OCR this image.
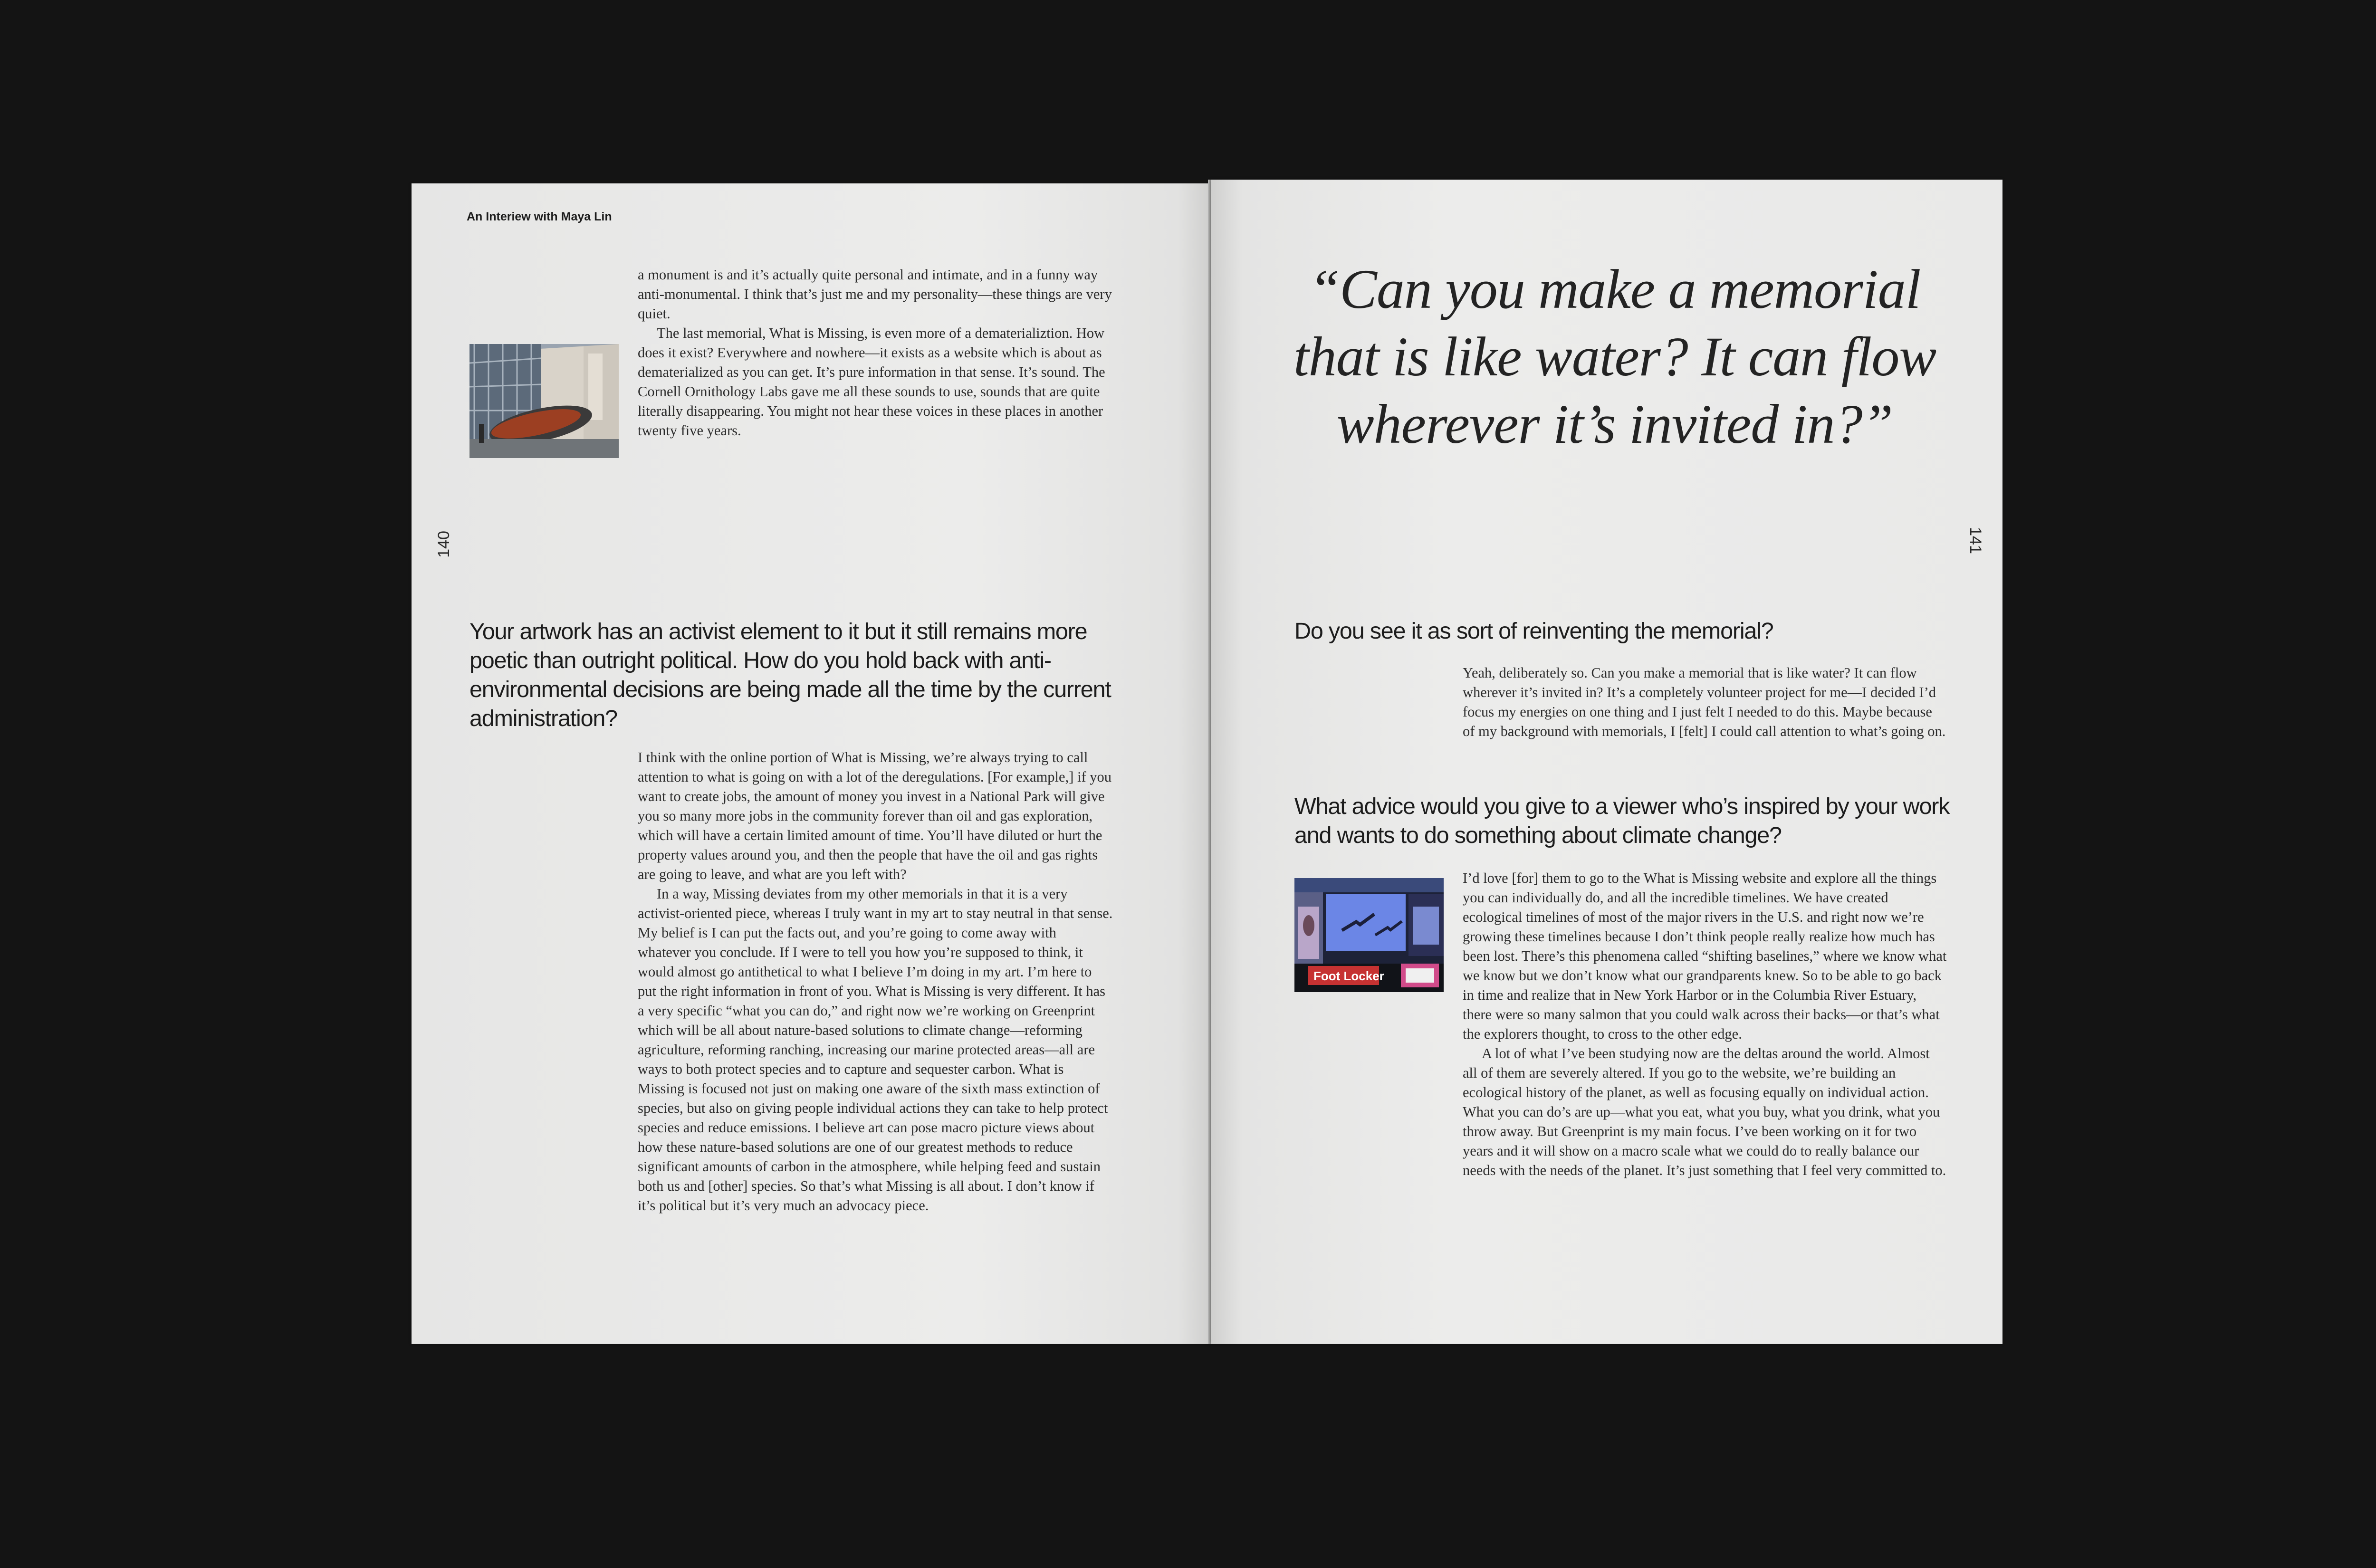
An Interiew with Maya Lin

a monument is and it’s actually quite personal and intimate, and in a funny way anti-monumental. I think that’s just me and my personality—these things are very quiet.

The last memorial, What is Missing, is even more of a dematerializtion. How does it exist? Everywhere and nowhere—it exists as a website which is about as dematerialized as you can get. It’s pure information in that sense. It’s sound. The Cornell Ornithology Labs gave me all these sounds to use, sounds that are quite literally disappearing. You might not hear these voices in these places in another twenty five years.

140
Your artwork has an activist element to it but it still remains more poetic than outright political. How do you hold back with anti-environmental decisions are being made all the time by the current administration?

I think with the online portion of What is Missing, we’re always trying to call attention to what is going on with a lot of the deregulations. [For example,] if you want to create jobs, the amount of money you invest in a National Park will give you so many more jobs in the community forever than oil and gas exploration, which will have a certain limited amount of time. You’ll have diluted or hurt the property values around you, and then the people that have the oil and gas rights are going to leave, and what are you left with?

In a way, Missing deviates from my other memorials in that it is a very activist-oriented piece, whereas I truly want in my art to stay neutral in that sense. My belief is I can put the facts out, and you’re going to come away with whatever you conclude. If I were to tell you how you’re supposed to think, it would almost go antithetical to what I believe I’m doing in my art. I’m here to put the right information in front of you. What is Missing is very different. It has a very specific “what you can do,” and right now we’re working on Greenprint which will be all about nature-based solutions to climate change—reforming agriculture, reforming ranching, increasing our marine protected areas—all are ways to both protect species and to capture and sequester carbon. What is Missing is focused not just on making one aware of the sixth mass extinction of species, but also on giving people individual actions they can take to help protect species and reduce emissions. I believe art can pose macro picture views about how these nature-based solutions are one of our greatest methods to reduce significant amounts of carbon in the atmosphere, while helping feed and sustain both us and [other] species. So that’s what Missing is all about. I don’t know if it’s political but it’s very much an advocacy piece.

“Can you make a memorial that is like water? It can flow wherever it’s invited in?”
141
Do you see it as sort of reinventing the memorial?

Yeah, deliberately so. Can you make a memorial that is like water? It can flow wherever it’s invited in? It’s a completely volunteer project for me—I decided I’d focus my energies on one thing and I just felt I needed to do this. Maybe because of my background with memorials, I [felt] I could call attention to what’s going on.

What advice would you give to a viewer who’s inspired by your work and wants to do something about climate change?
Foot Locker

I’d love [for] them to go to the What is Missing website and explore all the things you can individually do, and all the incredible timelines. We have created ecological timelines of most of the major rivers in the U.S. and right now we’re growing these timelines because I don’t think people really realize how much has been lost. There’s this phenomena called “shifting baselines,” where we know what we know but we don’t know what our grandparents knew. So to be able to go back in time and realize that in New York Harbor or in the Columbia River Estuary, there were so many salmon that you could walk across their backs—or that’s what the explorers thought, to cross to the other edge.

A lot of what I’ve been studying now are the deltas around the world. Almost all of them are severely altered. If you go to the website, we’re building an ecological history of the planet, as well as focusing equally on individual action. What you can do’s are up—what you eat, what you buy, what you drink, what you throw away. But Greenprint is my main focus. I’ve been working on it for two years and it will show on a macro scale what we could do to really balance our needs with the needs of the planet. It’s just something that I feel very committed to.
